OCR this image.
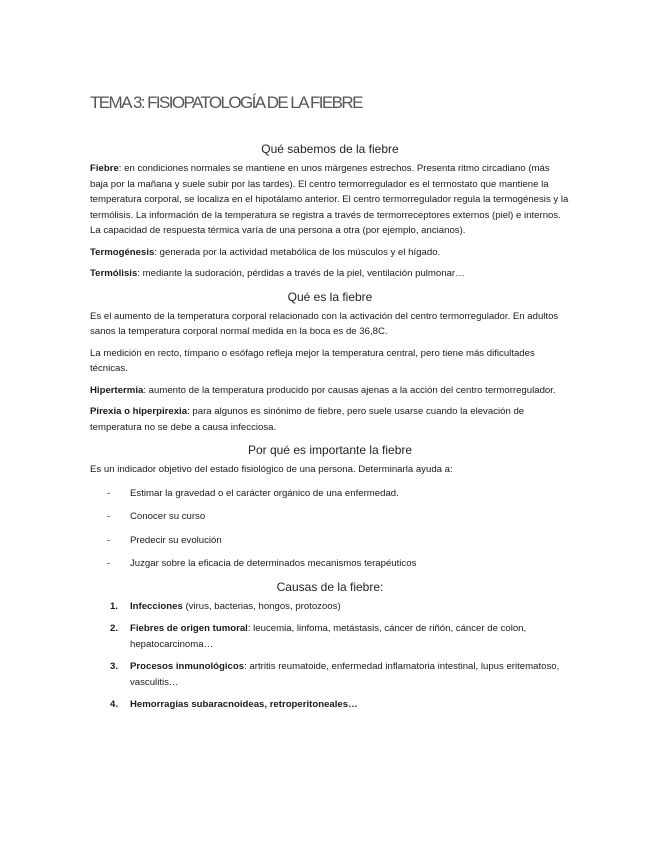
TEMA 3: FISIOPATOLOGÍA DE LA FIEBRE
Qué sabemos de la fiebre

Fiebre: en condiciones normales se mantiene en unos márgenes estrechos. Presenta ritmo circadiano (más baja por la mañana y suele subir por las tardes). El centro termorregulador es el termostato que mantiene la temperatura corporal, se localiza en el hipotálamo anterior. El centro termorregulador regula la termogénesis y la termólisis. La información de la temperatura se registra a través de termorreceptores externos (piel) e internos. La capacidad de respuesta térmica varía de una persona a otra (por ejemplo, ancianos).

Termogénesis: generada por la actividad metabólica de los músculos y el hígado.

Termólisis: mediante la sudoración, pérdidas a través de la piel, ventilación pulmonar…

Qué es la fiebre

Es el aumento de la temperatura corporal relacionado con la activación del centro termorregulador. En adultos sanos la temperatura corporal normal medida en la boca es de 36,8C.

La medición en recto, tímpano o esófago refleja mejor la temperatura central, pero tiene más dificultades técnicas.

Hipertermia: aumento de la temperatura producido por causas ajenas a la acción del centro termorregulador.

Pirexia o hiperpirexia: para algunos es sinónimo de fiebre, pero suele usarse cuando la elevación de temperatura no se debe a causa infecciosa.

Por qué es importante la fiebre

Es un indicador objetivo del estado fisiológico de una persona. Determinarla ayuda a:

- Estimar la gravedad o el carácter orgánico de una enfermedad.
- Conocer su curso
- Predecir su evolución
- Juzgar sobre la eficacia de determinados mecanismos terapéuticos
Causas de la fiebre:
1. Infecciones (virus, bacterias, hongos, protozoos)
2. Fiebres de origen tumoral: leucemia, linfoma, metástasis, cáncer de riñón, cáncer de colon, hepatocarcinoma…
3. Procesos inmunológicos: artritis reumatoide, enfermedad inflamatoria intestinal, lupus eritematoso, vasculitis…
4. Hemorragias subaracnoideas, retroperitoneales…
